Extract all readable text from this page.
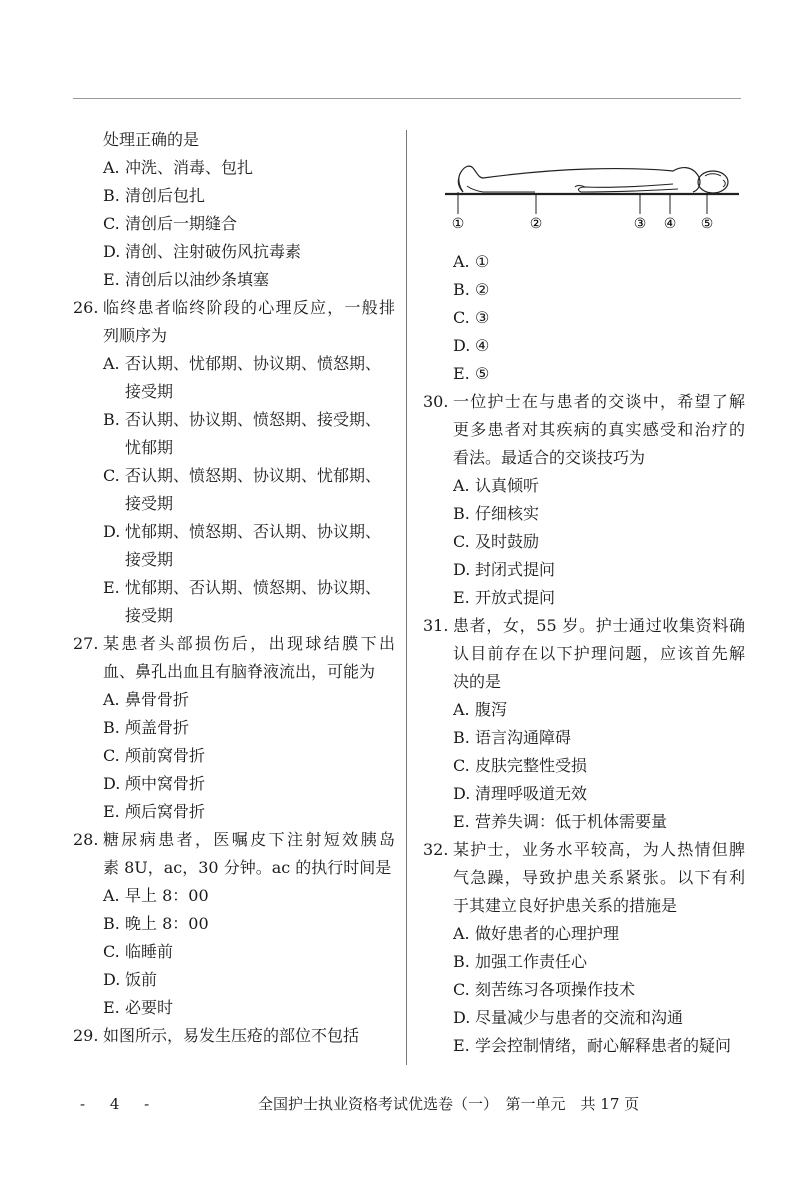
处理正确的是
A. 冲洗、消毒、包扎
B. 清创后包扎
C. 清创后一期缝合
D. 清创、注射破伤风抗毒素
E. 清创后以油纱条填塞
26. 临终患者临终阶段的心理反应，一般排
列顺序为
A. 否认期、忧郁期、协议期、愤怒期、
接受期
B. 否认期、协议期、愤怒期、接受期、
忧郁期
C. 否认期、愤怒期、协议期、忧郁期、
接受期
D. 忧郁期、愤怒期、否认期、协议期、
接受期
E. 忧郁期、否认期、愤怒期、协议期、
接受期
27. 某患者头部损伤后，出现球结膜下出
血、鼻孔出血且有脑脊液流出，可能为
A. 鼻骨骨折
B. 颅盖骨折
C. 颅前窝骨折
D. 颅中窝骨折
E. 颅后窝骨折
28. 糖尿病患者，医嘱皮下注射短效胰岛
素 8U，ac，30 分钟。ac 的执行时间是
A. 早上 8：00
B. 晚上 8：00
C. 临睡前
D. 饭前
E. 必要时
29. 如图所示，易发生压疮的部位不包括
①	②	③ ④ ⑤
A. ①
B. ②
C. ③
D. ④
E. ⑤
30. 一位护士在与患者的交谈中，希望了解
更多患者对其疾病的真实感受和治疗的
看法。最适合的交谈技巧为
A. 认真倾听
B. 仔细核实
C. 及时鼓励
D. 封闭式提问
E. 开放式提问
31. 患者，女，55 岁。护士通过收集资料确
认目前存在以下护理问题，应该首先解
决的是
A. 腹泻
B. 语言沟通障碍
C. 皮肤完整性受损
D. 清理呼吸道无效
E. 营养失调：低于机体需要量
32. 某护士，业务水平较高，为人热情但脾
气急躁，导致护患关系紧张。以下有利
于其建立良好护患关系的措施是
A. 做好患者的心理护理
B. 加强工作责任心
C. 刻苦练习各项操作技术
D. 尽量减少与患者的交流和沟通
E. 学会控制情绪，耐心解释患者的疑问
- 4 -	全国护士执业资格考试优选卷（一）　第一单元　共 17 页
